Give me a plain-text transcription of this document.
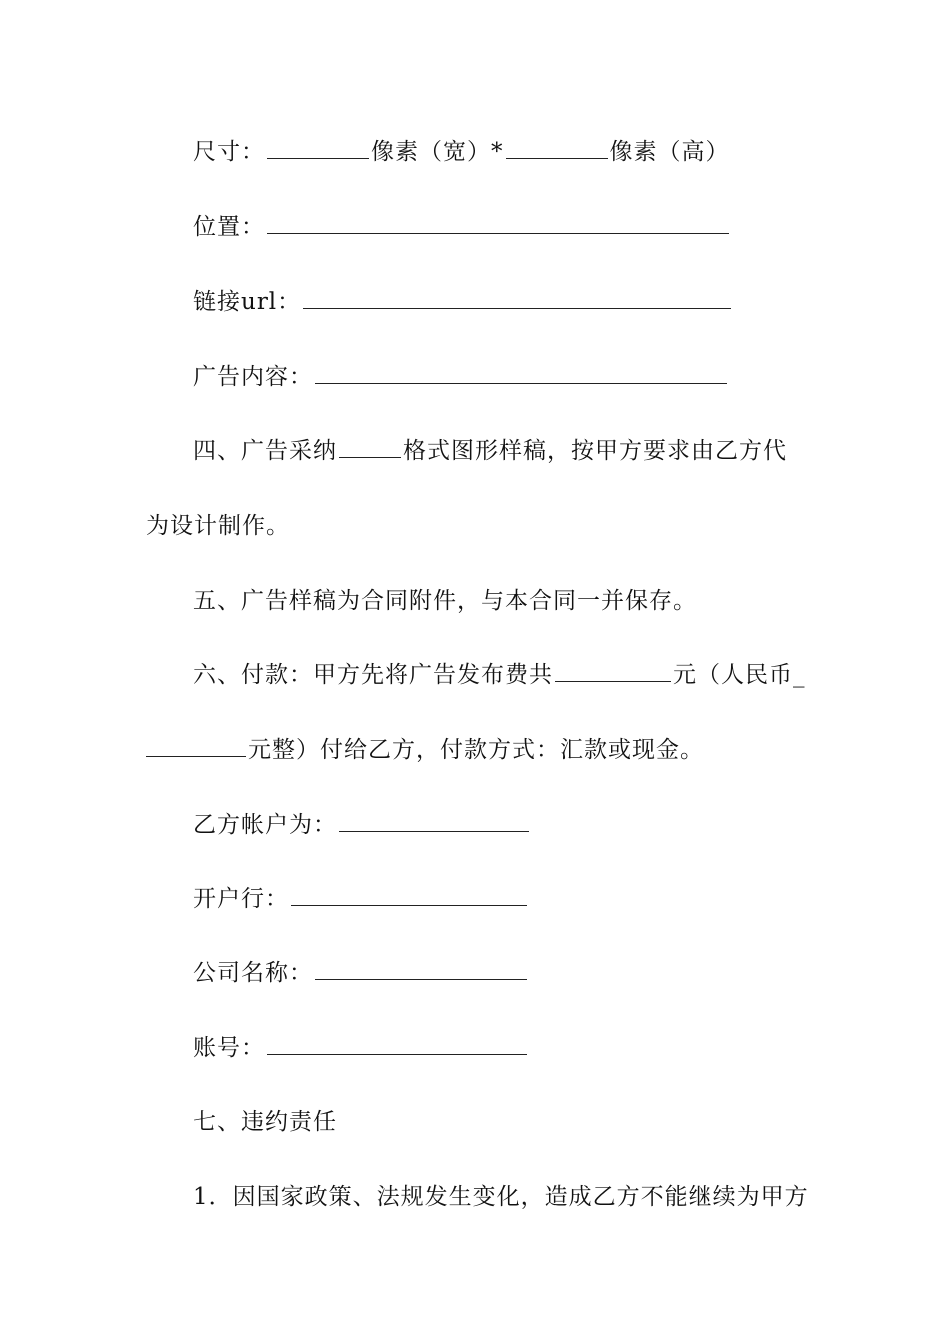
尺寸：	像素（宽）*	像素（高）
位置：
链接url：
广告内容：
四、广告采纳	格式图形样稿，按甲方要求由乙方代
为设计制作。
五、广告样稿为合同附件，与本合同一并保存。
六、付款：甲方先将广告发布费共	元（人民币_
元整）付给乙方，付款方式：汇款或现金。
乙方帐户为：
开户行：
公司名称：
账号：
七、违约责任
1．因国家政策、法规发生变化，造成乙方不能继续为甲方
